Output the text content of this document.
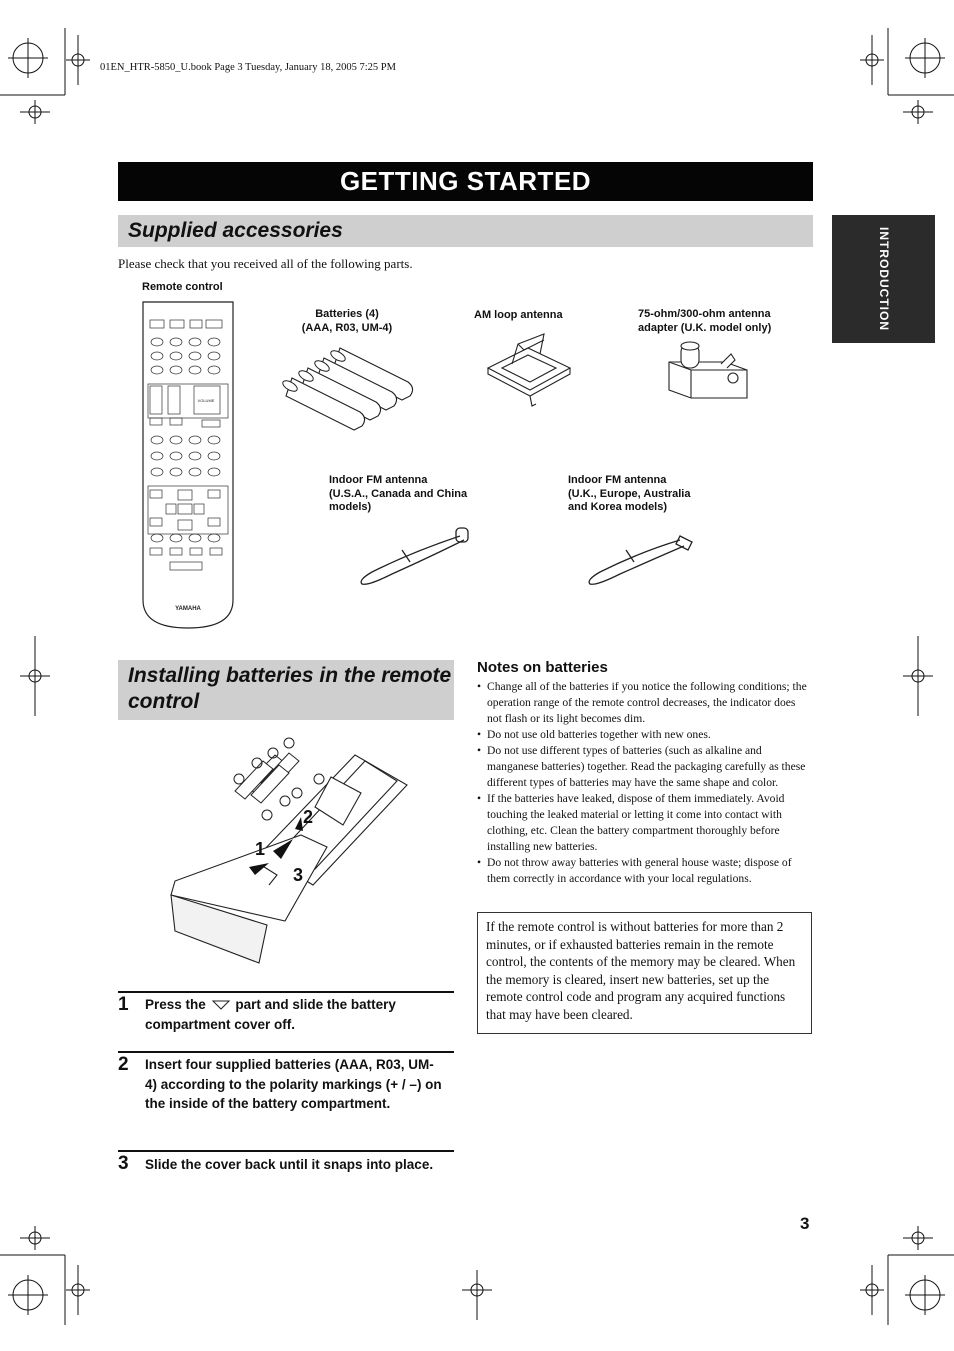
01EN_HTR-5850_U.book Page 3 Tuesday, January 18, 2005 7:25 PM
GETTING STARTED
INTRODUCTION
Supplied accessories
Please check that you received all of the following parts.
Remote control
VOLUME
YAMAHA
Batteries (4)
(AAA, R03, UM-4)
AM loop antenna	75-ohm/300-ohm antenna
adapter (U.K. model only)
Indoor FM antenna
(U.S.A., Canada and China
models)
Indoor FM antenna
(U.K., Europe, Australia
and Korea models)
Installing batteries in the remote
control
2
1
3
1 Press the part and slide the battery compartment cover off.
2 Insert four supplied batteries (AAA, R03, UM-4) according to the polarity markings (+ / –) on the inside of the battery compartment.
3 Slide the cover back until it snaps into place.
Notes on batteries
• Change all of the batteries if you notice the following conditions; the operation range of the remote control decreases, the indicator does not flash or its light becomes dim.
• Do not use old batteries together with new ones.
• Do not use different types of batteries (such as alkaline and manganese batteries) together. Read the packaging carefully as these different types of batteries may have the same shape and color.
• If the batteries have leaked, dispose of them immediately. Avoid touching the leaked material or letting it come into contact with clothing, etc. Clean the battery compartment thoroughly before installing new batteries.
• Do not throw away batteries with general house waste; dispose of them correctly in accordance with your local regulations.
If the remote control is without batteries for more than 2 minutes, or if exhausted batteries remain in the remote control, the contents of the memory may be cleared. When the memory is cleared, insert new batteries, set up the remote control code and program any acquired functions that may have been cleared.
3
